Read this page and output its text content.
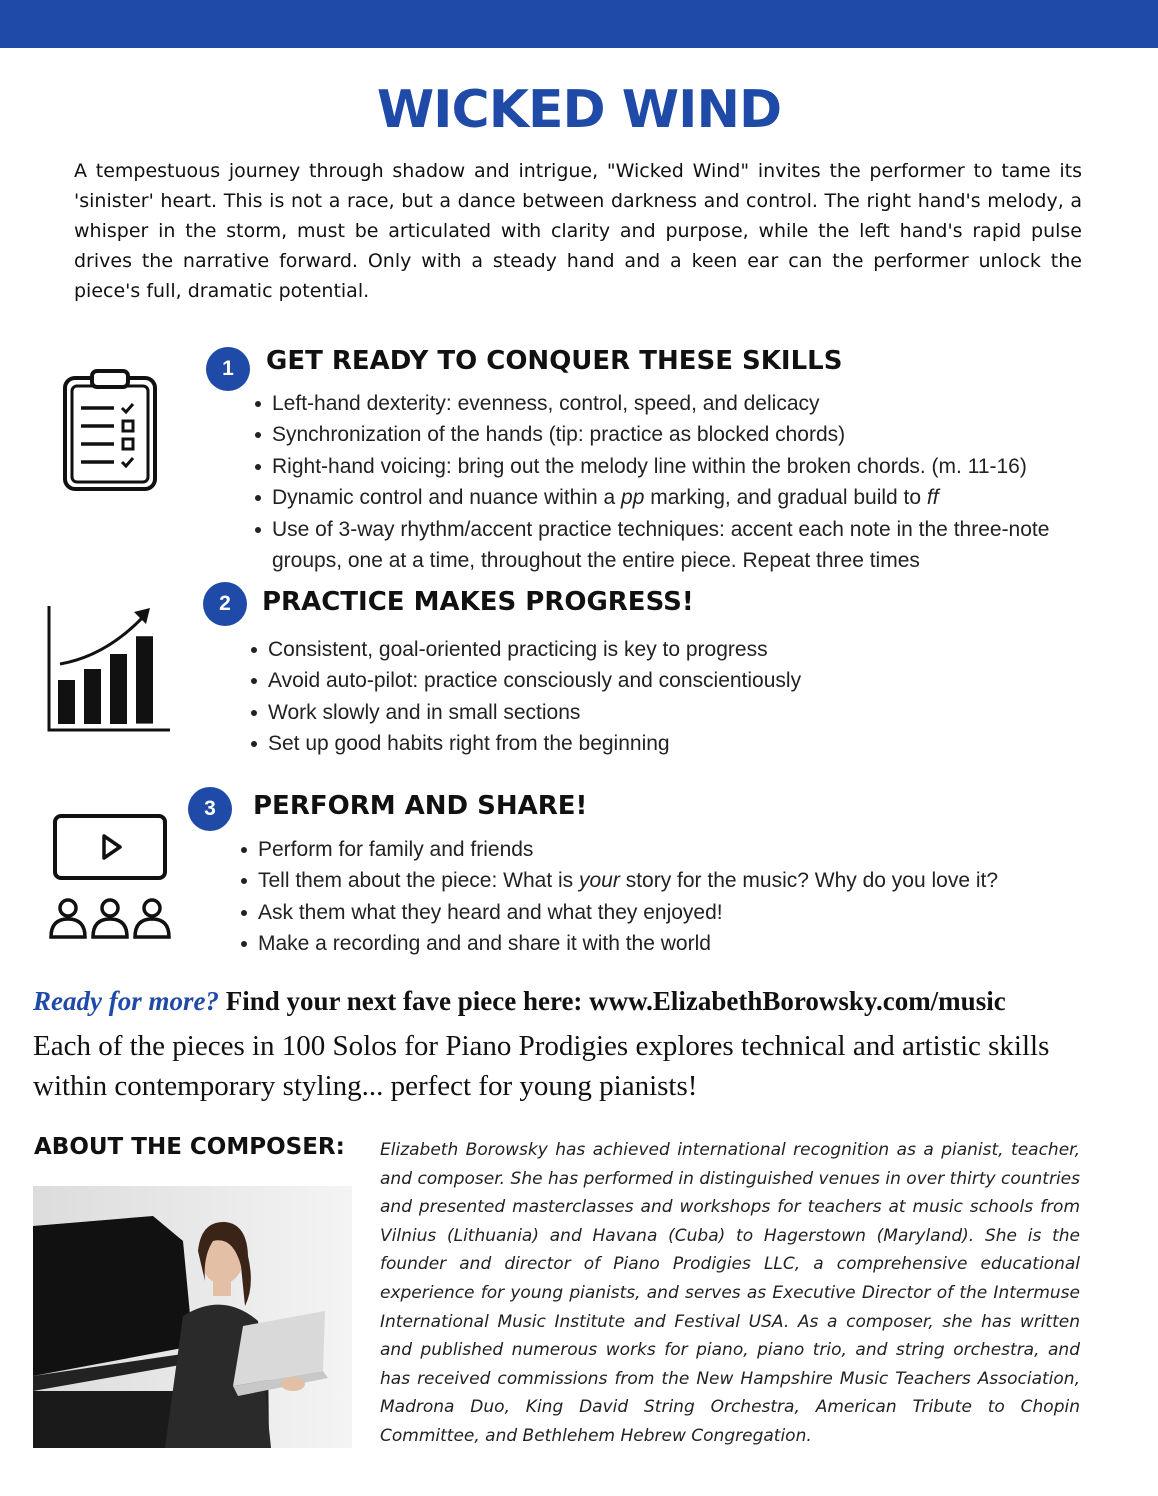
WICKED WIND

A tempestuous journey through shadow and intrigue, "Wicked Wind" invites the performer to tame its 'sinister' heart. This is not a race, but a dance between darkness and control. The right hand's melody, a whisper in the storm, must be articulated with clarity and purpose, while the left hand's rapid pulse drives the narrative forward. Only with a steady hand and a keen ear can the performer unlock the piece's full, dramatic potential.

1	GET READY TO CONQUER THESE SKILLS
Left-hand dexterity: evenness, control, speed, and delicacy
Synchronization of the hands (tip: practice as blocked chords)
Right-hand voicing: bring out the melody line within the broken chords. (m. 11-16)
Dynamic control and nuance within a pp marking, and gradual build to ff
Use of 3-way rhythm/accent practice techniques: accent each note in the three-note groups, one at a time, throughout the entire piece. Repeat three times
2	PRACTICE MAKES PROGRESS!
Consistent, goal-oriented practicing is key to progress
Avoid auto-pilot: practice consciously and conscientiously
Work slowly and in small sections
Set up good habits right from the beginning
3	PERFORM AND SHARE!
Perform for family and friends
Tell them about the piece: What is your story for the music? Why do you love it?
Ask them what they heard and what they enjoyed!
Make a recording and and share it with the world

Ready for more? Find your next fave piece here: www.ElizabethBorowsky.com/music

Each of the pieces in 100 Solos for Piano Prodigies explores technical and artistic skills within contemporary styling... perfect for young pianists!

ABOUT THE COMPOSER: Elizabeth Borowsky has achieved international recognition as a pianist, teacher, and composer. She has performed in distinguished venues in over thirty countries and presented masterclasses and workshops for teachers at music schools from Vilnius (Lithuania) and Havana (Cuba) to Hagerstown (Maryland). She is the founder and director of Piano Prodigies LLC, a comprehensive educational experience for young pianists, and serves as Executive Director of the Intermuse International Music Institute and Festival USA. As a composer, she has written and published numerous works for piano, piano trio, and string orchestra, and has received commissions from the New Hampshire Music Teachers Association, Madrona Duo, King David String Orchestra, American Tribute to Chopin Committee, and Bethlehem Hebrew Congregation.
